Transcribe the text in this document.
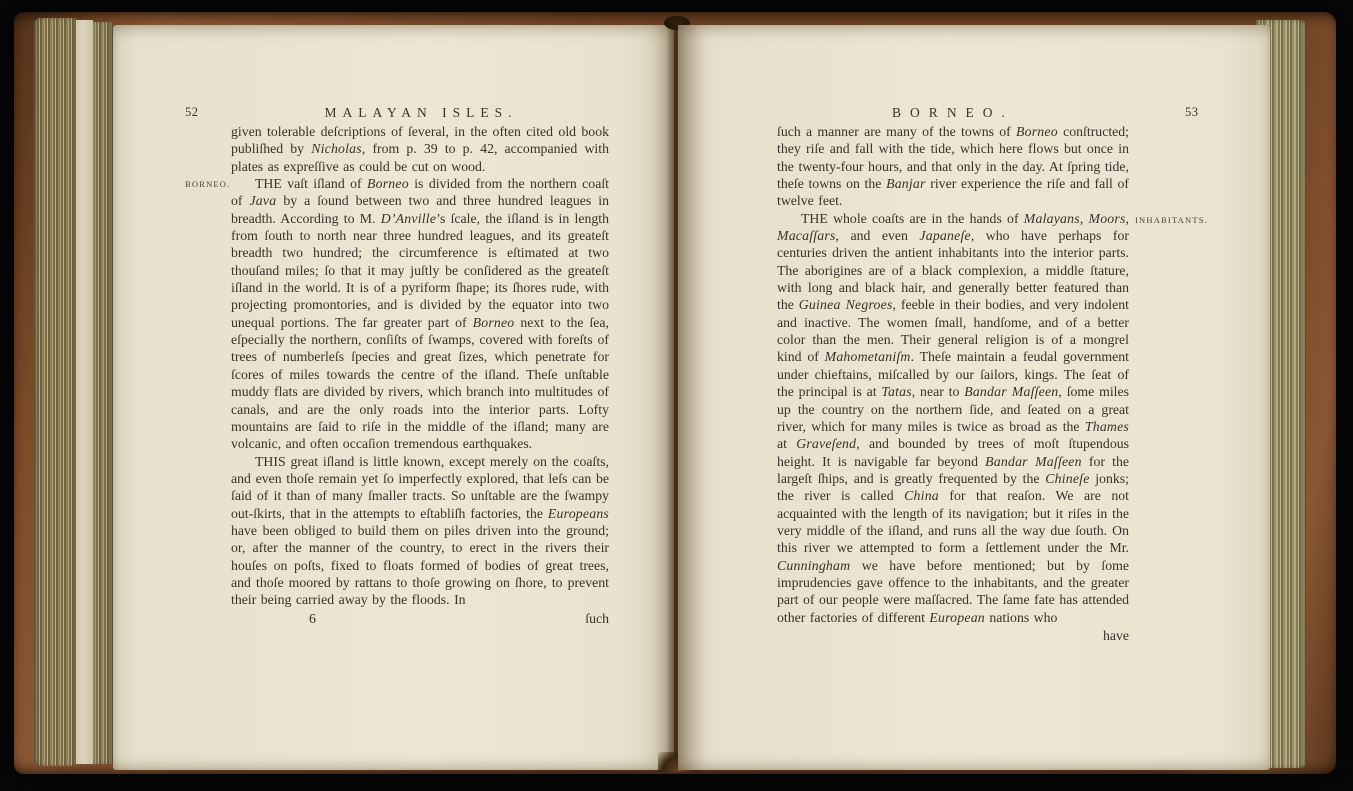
52	MALAYAN ISLES.
BORNEO.

given tolerable deſcriptions of ſeveral, in the often cited old book publiſhed by Nicholas, from p. 39 to p. 42, accompanied with plates as expreſſive as could be cut on wood.

THE vaſt iſland of Borneo is divided from the northern coaſt of Java by a ſound between two and three hundred leagues in breadth. According to M. D’Anville’s ſcale, the iſland is in length from ſouth to north near three hundred leagues, and its greateſt breadth two hundred; the circumference is eſtimated at two thouſand miles; ſo that it may juſtly be conſidered as the greateſt iſland in the world. It is of a pyriform ſhape; its ſhores rude, with projecting promontories, and is divided by the equator into two unequal portions. The far greater part of Borneo next to the ſea, eſpecially the northern, conſiſts of ſwamps, covered with foreſts of trees of numberleſs ſpecies and great ſizes, which penetrate for ſcores of miles towards the centre of the iſland. Theſe unſtable muddy flats are divided by rivers, which branch into multitudes of canals, and are the only roads into the interior parts. Lofty mountains are ſaid to riſe in the middle of the iſland; many are volcanic, and often occaſion tremendous earthquakes.

THIS great iſland is little known, except merely on the coaſts, and even thoſe remain yet ſo imperfectly explored, that leſs can be ſaid of it than of many ſmaller tracts. So unſtable are the ſwampy out-ſkirts, that in the attempts to eſtabliſh factories, the Europeans have been obliged to build them on piles driven into the ground; or, after the manner of the country, to erect in the rivers their houſes on poſts, fixed to floats formed of bodies of great trees, and thoſe moored by rattans to thoſe growing on ſhore, to prevent their being carried away by the floods. In

6	ſuch
53
BORNEO.
INHABITANTS.

ſuch a manner are many of the towns of Borneo conſtructed; they riſe and fall with the tide, which here flows but once in the twenty-four hours, and that only in the day. At ſpring tide, theſe towns on the Banjar river experience the riſe and fall of twelve feet.

THE whole coaſts are in the hands of Malayans, Moors, Macaſſars, and even Japaneſe, who have perhaps for centuries driven the antient inhabitants into the interior parts. The aborigines are of a black complexion, a middle ſtature, with long and black hair, and generally better featured than the Guinea Negroes, feeble in their bodies, and very indolent and inactive. The women ſmall, handſome, and of a better color than the men. Their general religion is of a mongrel kind of Mahometaniſm. Theſe maintain a feudal government under chieftains, miſcalled by our ſailors, kings. The ſeat of the principal is at Tatas, near to Bandar Maſſeen, ſome miles up the country on the northern ſide, and ſeated on a great river, which for many miles is twice as broad as the Thames at Graveſend, and bounded by trees of moſt ſtupendous height. It is navigable far beyond Bandar Maſſeen for the largeſt ſhips, and is greatly frequented by the Chineſe jonks; the river is called China for that reaſon. We are not acquainted with the length of its navigation; but it riſes in the very middle of the iſland, and runs all the way due ſouth. On this river we attempted to form a ſettlement under the Mr. Cunningham we have before mentioned; but by ſome imprudencies gave offence to the inhabitants, and the greater part of our people were maſſacred. The ſame fate has attended other factories of different European nations who

have
